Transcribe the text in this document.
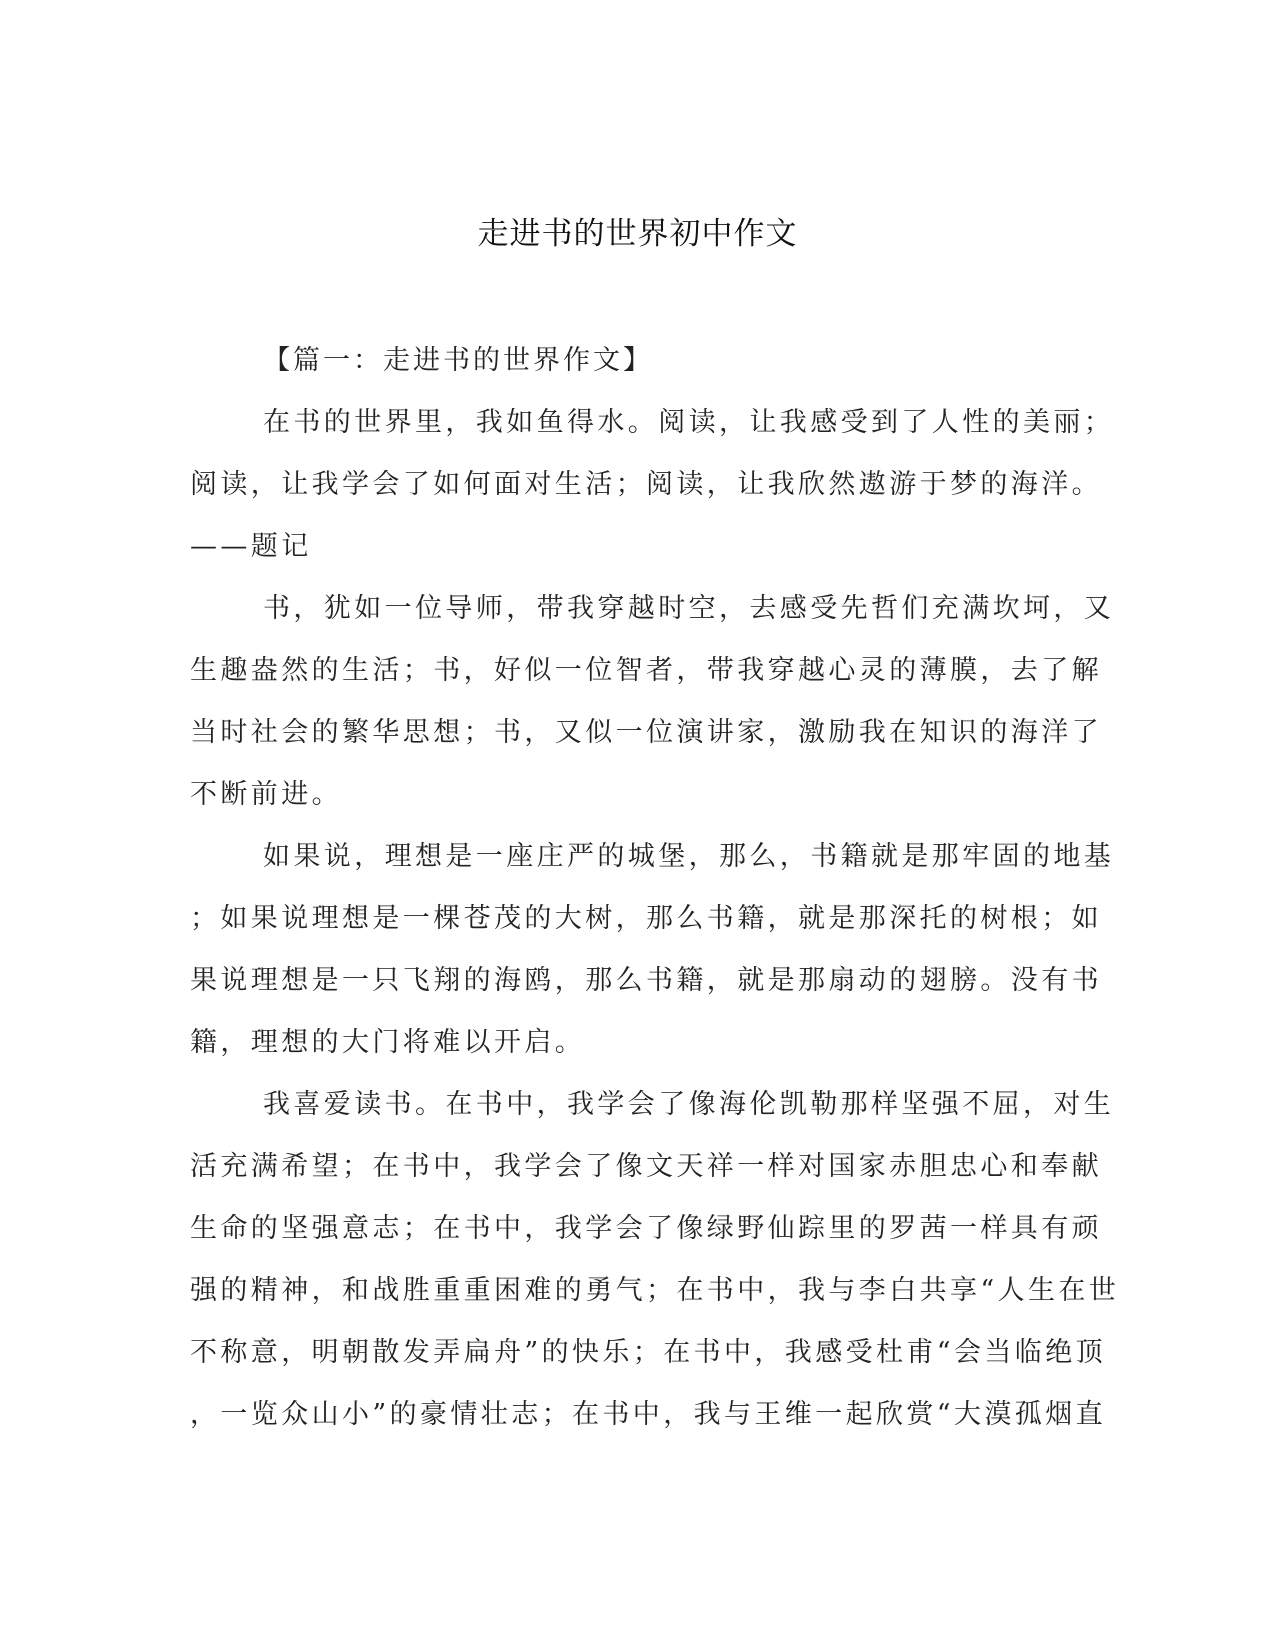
走进书的世界初中作文
【篇一：走进书的世界作文】
在书的世界里，我如鱼得水。阅读，让我感受到了人性的美丽；
阅读，让我学会了如何面对生活；阅读，让我欣然遨游于梦的海洋。
——题记
书，犹如一位导师，带我穿越时空，去感受先哲们充满坎坷，又
生趣盎然的生活；书，好似一位智者，带我穿越心灵的薄膜，去了解
当时社会的繁华思想；书，又似一位演讲家，激励我在知识的海洋了
不断前进。
如果说，理想是一座庄严的城堡，那么，书籍就是那牢固的地基
；如果说理想是一棵苍茂的大树，那么书籍，就是那深托的树根；如
果说理想是一只飞翔的海鸥，那么书籍，就是那扇动的翅膀。没有书
籍，理想的大门将难以开启。
我喜爱读书。在书中，我学会了像海伦凯勒那样坚强不屈，对生
活充满希望；在书中，我学会了像文天祥一样对国家赤胆忠心和奉献
生命的坚强意志；在书中，我学会了像绿野仙踪里的罗茜一样具有顽
强的精神，和战胜重重困难的勇气；在书中，我与李白共享“人生在世
不称意，明朝散发弄扁舟”的快乐；在书中，我感受杜甫“会当临绝顶
，一览众山小”的豪情壮志；在书中，我与王维一起欣赏“大漠孤烟直
